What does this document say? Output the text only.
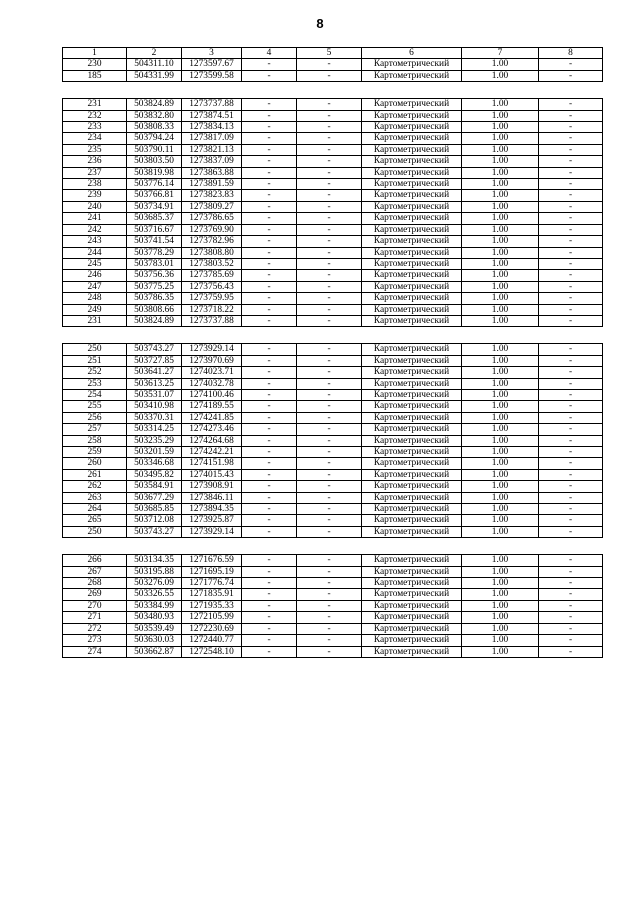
8
1	2	3	4	5	6	7	8
230	504311.10	1273597.67	-	-	Картометрический	1.00	-
185	504331.99	1273599.58	-	-	Картометрический	1.00	-

231	503824.89	1273737.88	-	-	Картометрический	1.00	-
232	503832.80	1273874.51	-	-	Картометрический	1.00	-
233	503808.33	1273834.13	-	-	Картометрический	1.00	-
234	503794.24	1273817.09	-	-	Картометрический	1.00	-
235	503790.11	1273821.13	-	-	Картометрический	1.00	-
236	503803.50	1273837.09	-	-	Картометрический	1.00	-
237	503819.98	1273863.88	-	-	Картометрический	1.00	-
238	503776.14	1273891.59	-	-	Картометрический	1.00	-
239	503766.81	1273823.83	-	-	Картометрический	1.00	-
240	503734.91	1273809.27	-	-	Картометрический	1.00	-
241	503685.37	1273786.65	-	-	Картометрический	1.00	-
242	503716.67	1273769.90	-	-	Картометрический	1.00	-
243	503741.54	1273782.96	-	-	Картометрический	1.00	-
244	503778.29	1273808.80	-	-	Картометрический	1.00	-
245	503783.01	1273803.52	-	-	Картометрический	1.00	-
246	503756.36	1273785.69	-	-	Картометрический	1.00	-
247	503775.25	1273756.43	-	-	Картометрический	1.00	-
248	503786.35	1273759.95	-	-	Картометрический	1.00	-
249	503808.66	1273718.22	-	-	Картометрический	1.00	-
231	503824.89	1273737.88	-	-	Картометрический	1.00	-

250	503743.27	1273929.14	-	-	Картометрический	1.00	-
251	503727.85	1273970.69	-	-	Картометрический	1.00	-
252	503641.27	1274023.71	-	-	Картометрический	1.00	-
253	503613.25	1274032.78	-	-	Картометрический	1.00	-
254	503531.07	1274100.46	-	-	Картометрический	1.00	-
255	503410.98	1274189.55	-	-	Картометрический	1.00	-
256	503370.31	1274241.85	-	-	Картометрический	1.00	-
257	503314.25	1274273.46	-	-	Картометрический	1.00	-
258	503235.29	1274264.68	-	-	Картометрический	1.00	-
259	503201.59	1274242.21	-	-	Картометрический	1.00	-
260	503346.68	1274151.98	-	-	Картометрический	1.00	-
261	503495.82	1274015.43	-	-	Картометрический	1.00	-
262	503584.91	1273908.91	-	-	Картометрический	1.00	-
263	503677.29	1273846.11	-	-	Картометрический	1.00	-
264	503685.85	1273894.35	-	-	Картометрический	1.00	-
265	503712.08	1273925.87	-	-	Картометрический	1.00	-
250	503743.27	1273929.14	-	-	Картометрический	1.00	-

266	503134.35	1271676.59	-	-	Картометрический	1.00	-
267	503195.88	1271695.19	-	-	Картометрический	1.00	-
268	503276.09	1271776.74	-	-	Картометрический	1.00	-
269	503326.55	1271835.91	-	-	Картометрический	1.00	-
270	503384.99	1271935.33	-	-	Картометрический	1.00	-
271	503480.93	1272105.99	-	-	Картометрический	1.00	-
272	503539.49	1272230.69	-	-	Картометрический	1.00	-
273	503630.03	1272440.77	-	-	Картометрический	1.00	-
274	503662.87	1272548.10	-	-	Картометрический	1.00	-
